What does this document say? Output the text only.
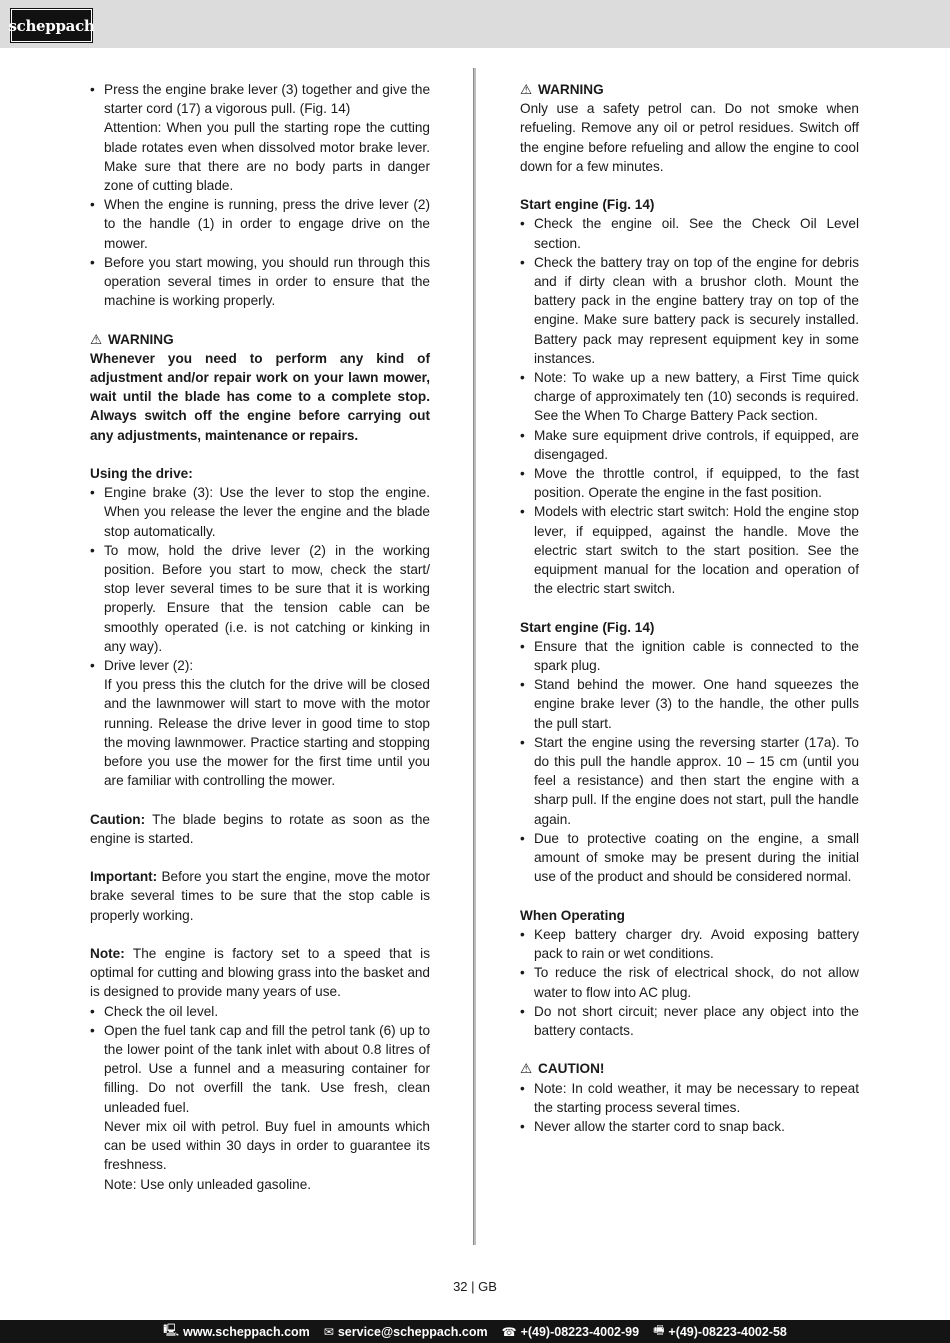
scheppach
• Press the engine brake lever (3) together and give the starter cord (17) a vigorous pull. (Fig. 14)
Attention: When you pull the starting rope the cutting blade rotates even when dissolved motor brake lever. Make sure that there are no body parts in danger zone of cutting blade.
• When the engine is running, press the drive lever (2) to the handle (1) in order to engage drive on the mower.
• Before you start mowing, you should run through this operation several times in order to ensure that the machine is working properly.

⚠ WARNING

Whenever you need to perform any kind of adjustment and/or repair work on your lawn mower, wait until the blade has come to a complete stop. Always switch off the engine before carrying out any adjustments, maintenance or repairs.

Using the drive:

• Engine brake (3): Use the lever to stop the engine. When you release the lever the engine and the blade stop automatically.
• To mow, hold the drive lever (2) in the working position. Before you start to mow, check the start/ stop lever several times to be sure that it is working properly. Ensure that the tension cable can be smoothly operated (i.e. is not catching or kinking in any way).
• Drive lever (2):
If you press this the clutch for the drive will be closed and the lawnmower will start to move with the motor running. Release the drive lever in good time to stop the moving lawnmower. Practice starting and stopping before you use the mower for the first time until you are familiar with controlling the mower.

Caution: The blade begins to rotate as soon as the engine is started.

Important: Before you start the engine, move the motor brake several times to be sure that the stop cable is properly working.

Note: The engine is factory set to a speed that is optimal for cutting and blowing grass into the basket and is designed to provide many years of use.

• Check the oil level.
• Open the fuel tank cap and fill the petrol tank (6) up to the lower point of the tank inlet with about 0.8 litres of petrol. Use a funnel and a measuring container for filling. Do not overfill the tank. Use fresh, clean unleaded fuel.
Never mix oil with petrol. Buy fuel in amounts which can be used within 30 days in order to guarantee its freshness.
Note: Use only unleaded gasoline.

⚠ WARNING

Only use a safety petrol can. Do not smoke when refueling. Remove any oil or petrol residues. Switch off the engine before refueling and allow the engine to cool down for a few minutes.

Start engine (Fig. 14)

• Check the engine oil. See the Check Oil Level section.
• Check the battery tray on top of the engine for debris and if dirty clean with a brushor cloth. Mount the battery pack in the engine battery tray on top of the engine. Make sure battery pack is securely installed. Battery pack may represent equipment key in some instances.
• Note: To wake up a new battery, a First Time quick charge of approximately ten (10) seconds is required. See the When To Charge Battery Pack section.
• Make sure equipment drive controls, if equipped, are disengaged.
• Move the throttle control, if equipped, to the fast position. Operate the engine in the fast position.
• Models with electric start switch: Hold the engine stop lever, if equipped, against the handle. Move the electric start switch to the start position. See the equipment manual for the location and operation of the electric start switch.

Start engine (Fig. 14)

• Ensure that the ignition cable is connected to the spark plug.
• Stand behind the mower. One hand squeezes the engine brake lever (3) to the handle, the other pulls the pull start.
• Start the engine using the reversing starter (17a). To do this pull the handle approx. 10 – 15 cm (until you feel a resistance) and then start the engine with a sharp pull. If the engine does not start, pull the handle again.
• Due to protective coating on the engine, a small amount of smoke may be present during the initial use of the product and should be considered normal.

When Operating

• Keep battery charger dry. Avoid exposing battery pack to rain or wet conditions.
• To reduce the risk of electrical shock, do not allow water to flow into AC plug.
• Do not short circuit; never place any object into the battery contacts.

⚠ CAUTION!

• Note: In cold weather, it may be necessary to repeat the starting process several times.
• Never allow the starter cord to snap back.
32 | GB
🖳 www.scheppach.com ✉ service@scheppach.com ☎ +(49)-08223-4002-99 🖷 +(49)-08223-4002-58
